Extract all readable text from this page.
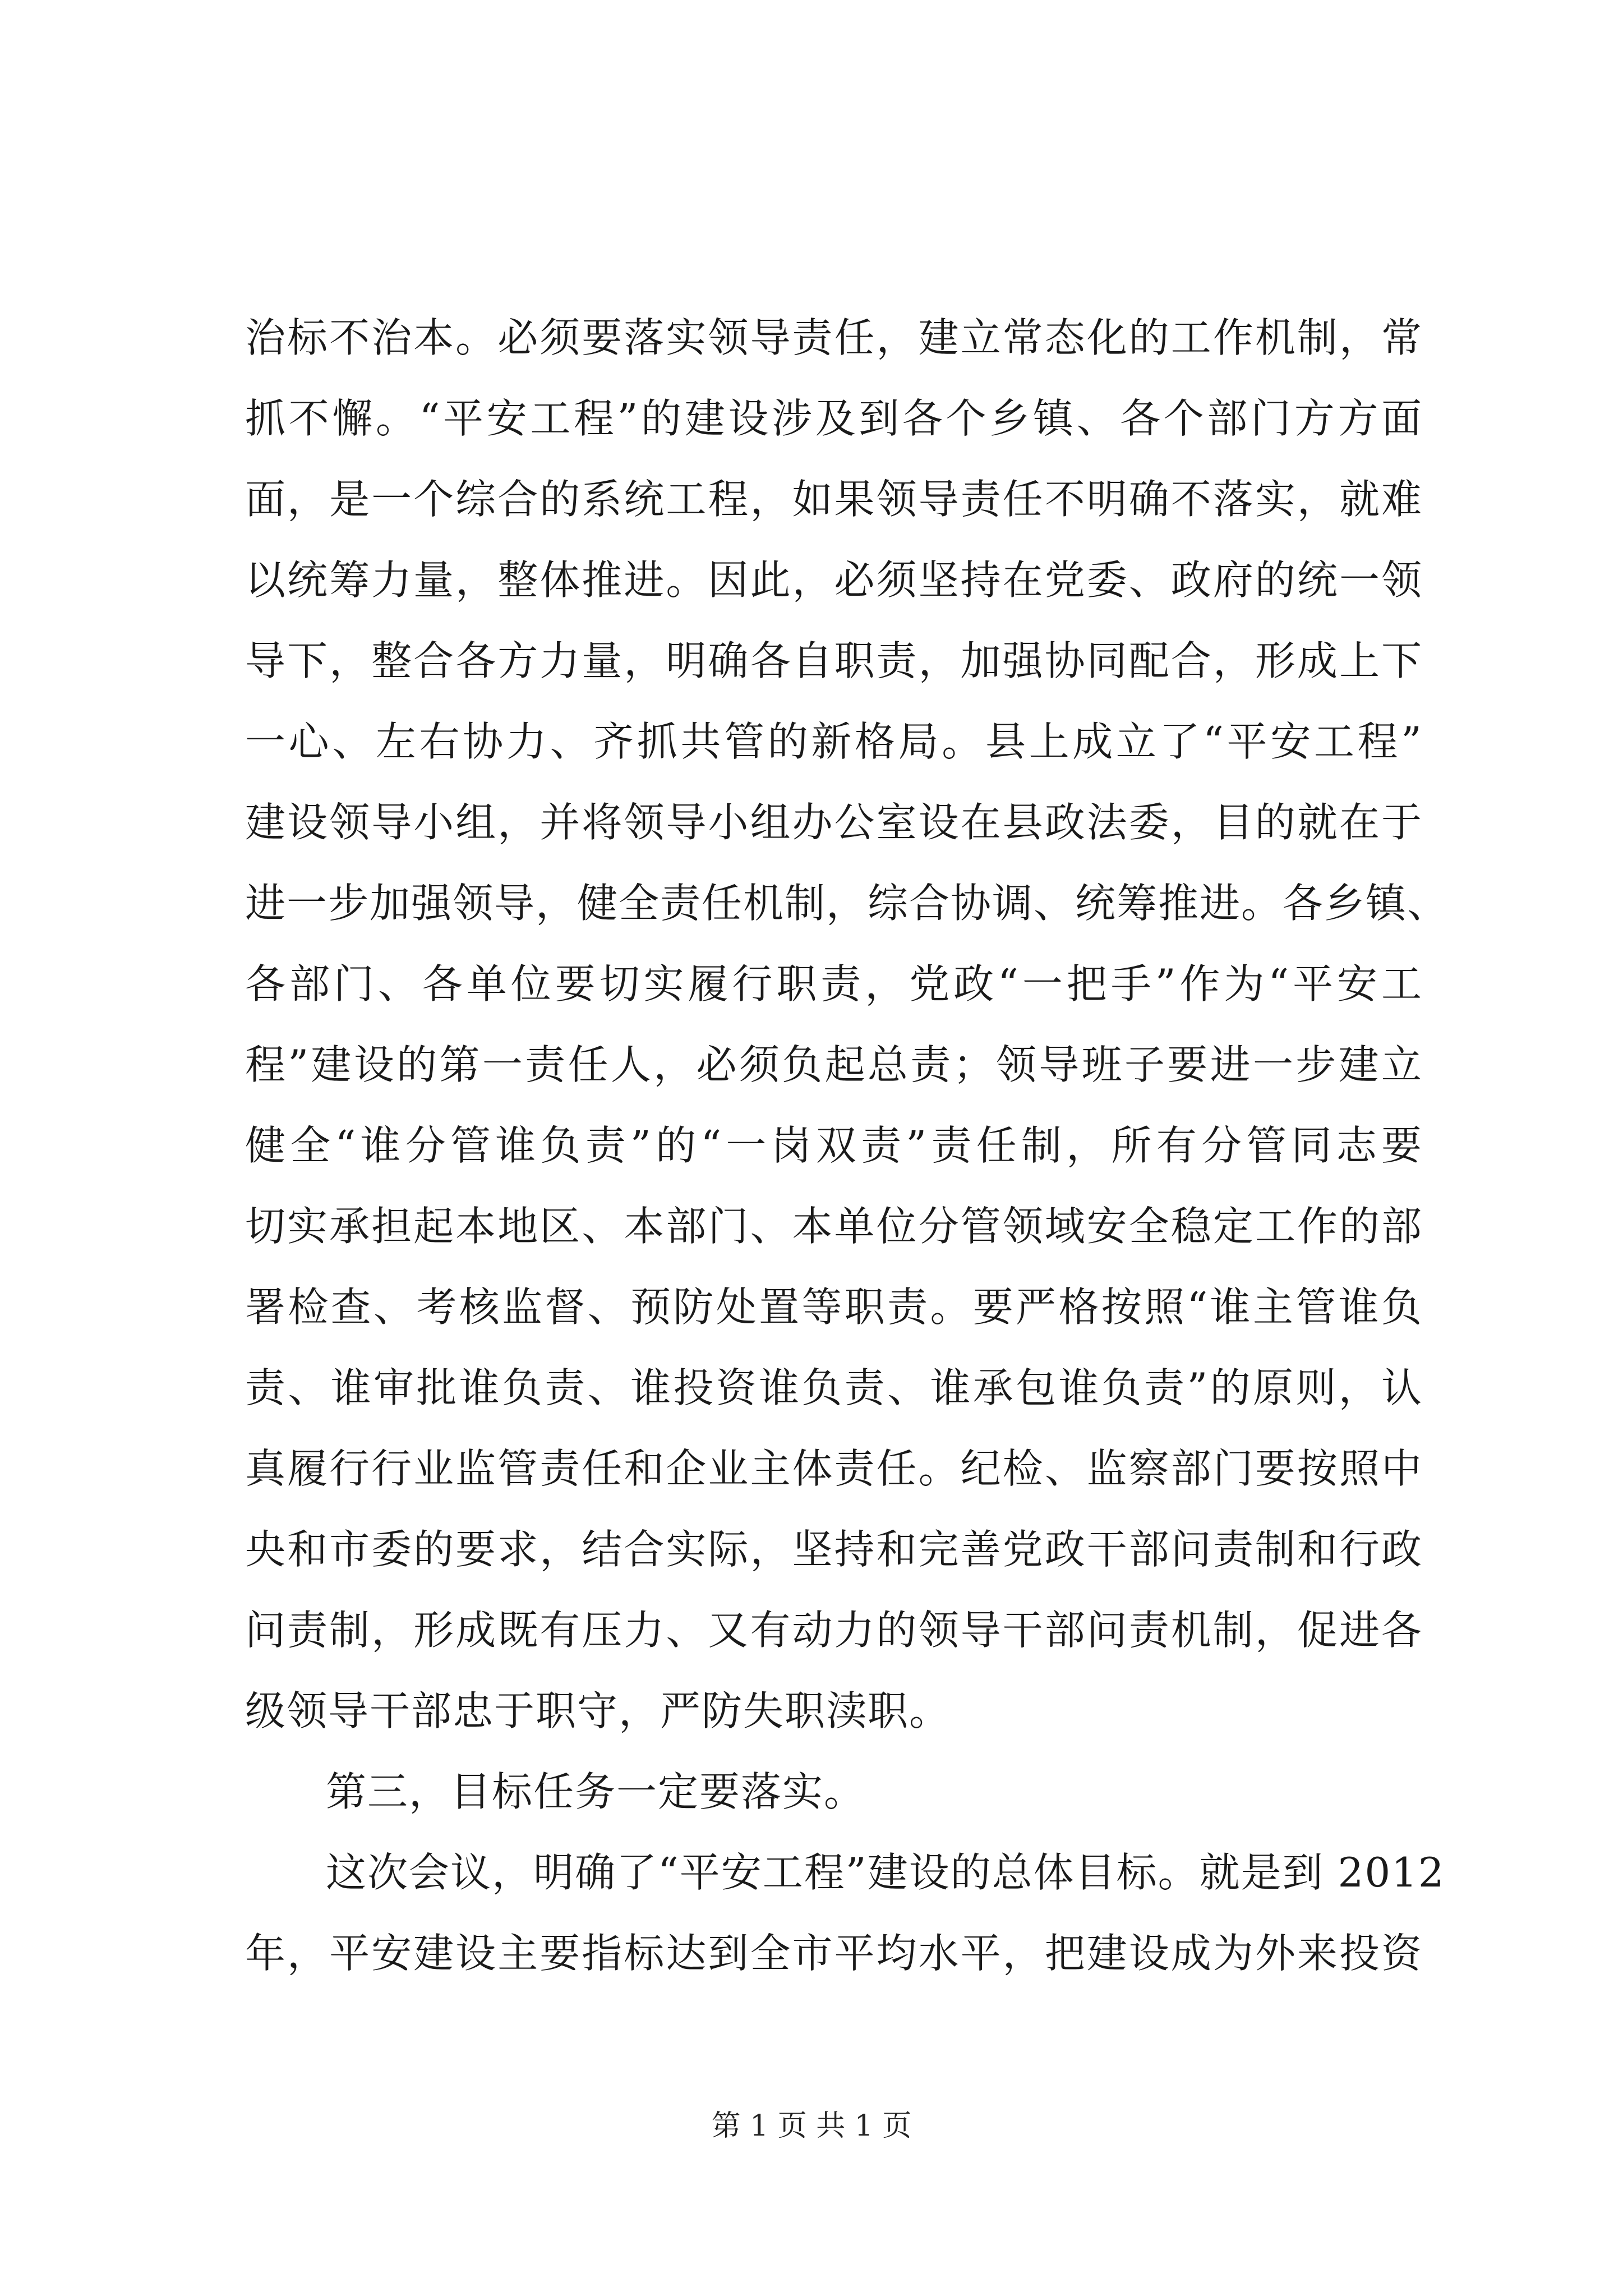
治标不治本。必须要落实领导责任，建立常态化的工作机制，常
抓不懈。“平安工程”的建设涉及到各个乡镇、各个部门方方面
面，是一个综合的系统工程，如果领导责任不明确不落实，就难
以统筹力量，整体推进。因此，必须坚持在党委、政府的统一领
导下，整合各方力量，明确各自职责，加强协同配合，形成上下
一心、左右协力、齐抓共管的新格局。县上成立了“平安工程”
建设领导小组，并将领导小组办公室设在县政法委，目的就在于
进一步加强领导，健全责任机制，综合协调、统筹推进。各乡镇、
各部门、各单位要切实履行职责，党政“一把手”作为“平安工
程”建设的第一责任人，必须负起总责；领导班子要进一步建立
健全“谁分管谁负责”的“一岗双责”责任制，所有分管同志要
切实承担起本地区、本部门、本单位分管领域安全稳定工作的部
署检查、考核监督、预防处置等职责。要严格按照“谁主管谁负
责、谁审批谁负责、谁投资谁负责、谁承包谁负责”的原则，认
真履行行业监管责任和企业主体责任。纪检、监察部门要按照中
央和市委的要求，结合实际，坚持和完善党政干部问责制和行政
问责制，形成既有压力、又有动力的领导干部问责机制，促进各
级领导干部忠于职守，严防失职渎职。
第三，目标任务一定要落实。
这次会议，明确了“平安工程”建设的总体目标。就是到 2012
年，平安建设主要指标达到全市平均水平，把建设成为外来投资
第 1 页 共 1 页
